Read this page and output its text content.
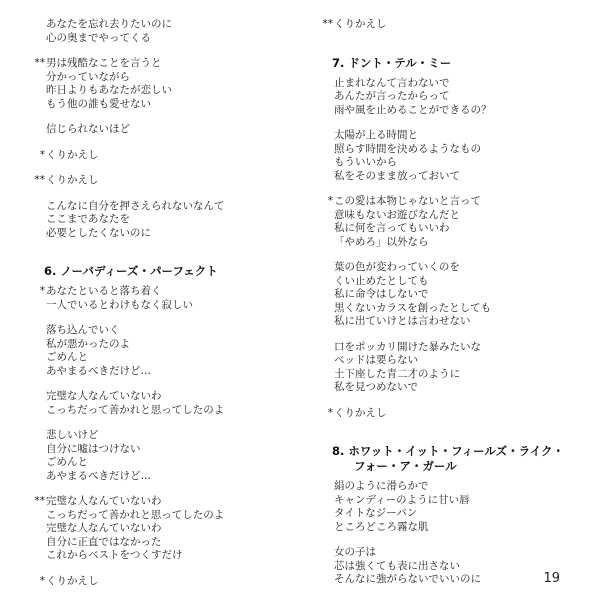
あなたを忘れ去りたいのに
心の奥までやってくる
** 男は残酷なことを言うと
分かっていながら
昨日よりもあなたが恋しい
もう他の誰も愛せない
信じられないほど
* くりかえし
** くりかえし
こんなに自分を押さえられないなんて
ここまであなたを
必要としたくないのに
6. ノーバディーズ・パーフェクト
* あなたといると落ち着く
一人でいるとわけもなく寂しい
落ち込んでいく
私が悪かったのよ
ごめんと
あやまるべきだけど…
完璧な人なんていないわ
こっちだって善かれと思ってしたのよ
悲しいけど
自分に嘘はつけない
ごめんと
あやまるべきだけど…
** 完璧な人なんていないわ
こっちだって善かれと思ってしたのよ
完璧な人なんていないわ
自分に正直ではなかった
これからベストをつくすだけ
* くりかえし
** くりかえし
7. ドント・テル・ミー
止まれなんて言わないで
あんたが言ったからって
雨や風を止めることができるの？
太陽が上る時間と
照らす時間を決めるようなもの
もういいから
私をそのまま放っておいて
* この愛は本物じゃないと言って
意味もないお遊びなんだと
私に何を言ってもいいわ
「やめろ」以外なら
葉の色が変わっていくのを
くい止めたとしても
私に命令はしないで
黒くないカラスを創ったとしても
私に出ていけとは言わせない
口をポッカリ開けた暴みたいな
ベッドは要らない
土下座した青二才のように
私を見つめないで
* くりかえし
8. ホワット・イット・フィールズ・ライク・
フォー・ア・ガール
絹のように滑らかで
キャンディーのように甘い唇
タイトなジーパン
ところどころ霧な肌
女の子は
芯は強くても表に出さない
そんなに強がらないでいいのに	19
